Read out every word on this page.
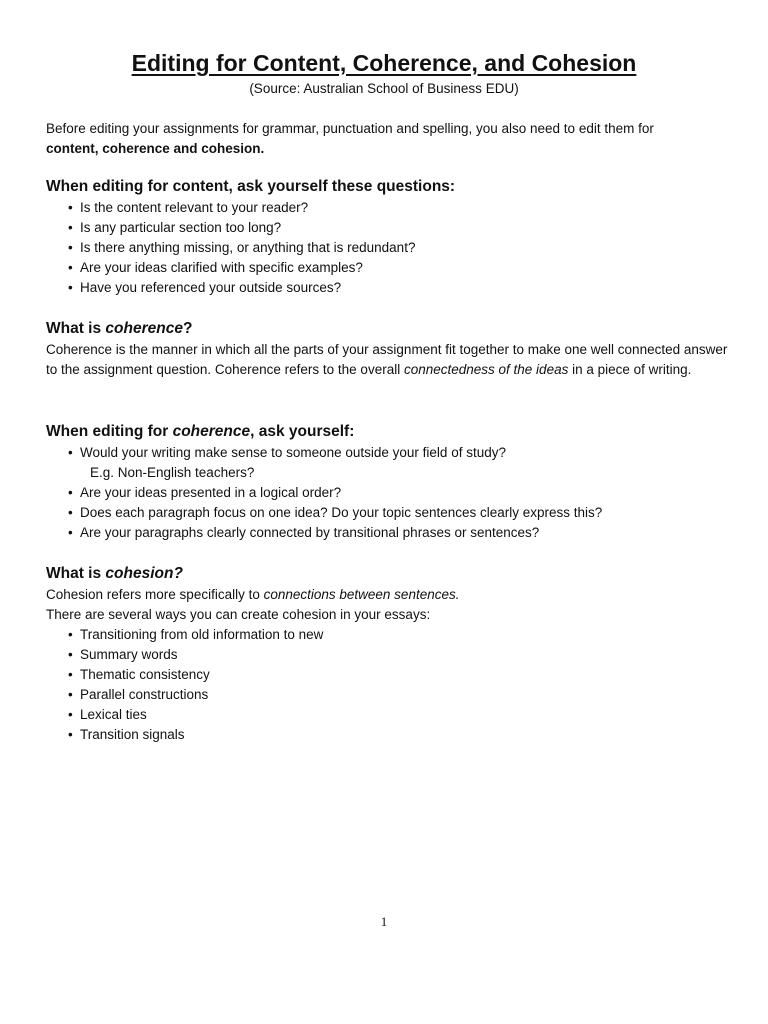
Editing for Content, Coherence, and Cohesion
(Source: Australian School of Business EDU)

Before editing your assignments for grammar, punctuation and spelling, you also need to edit them for

content, coherence and cohesion.

When editing for content, ask yourself these questions:
• Is the content relevant to your reader?
• Is any particular section too long?
• Is there anything missing, or anything that is redundant?
• Are your ideas clarified with specific examples?
• Have you referenced your outside sources?
What is coherence?

Coherence is the manner in which all the parts of your assignment fit together to make one well connected answer to the assignment question. Coherence refers to the overall connectedness of the ideas in a piece of writing.

When editing for coherence, ask yourself:
• Would your writing make sense to someone outside your field of study?
E.g. Non-English teachers?
• Are your ideas presented in a logical order?
• Does each paragraph focus on one idea? Do your topic sentences clearly express this?
• Are your paragraphs clearly connected by transitional phrases or sentences?
What is cohesion?

Cohesion refers more specifically to connections between sentences.

There are several ways you can create cohesion in your essays:

• Transitioning from old information to new
• Summary words
• Thematic consistency
• Parallel constructions
• Lexical ties
• Transition signals
1
